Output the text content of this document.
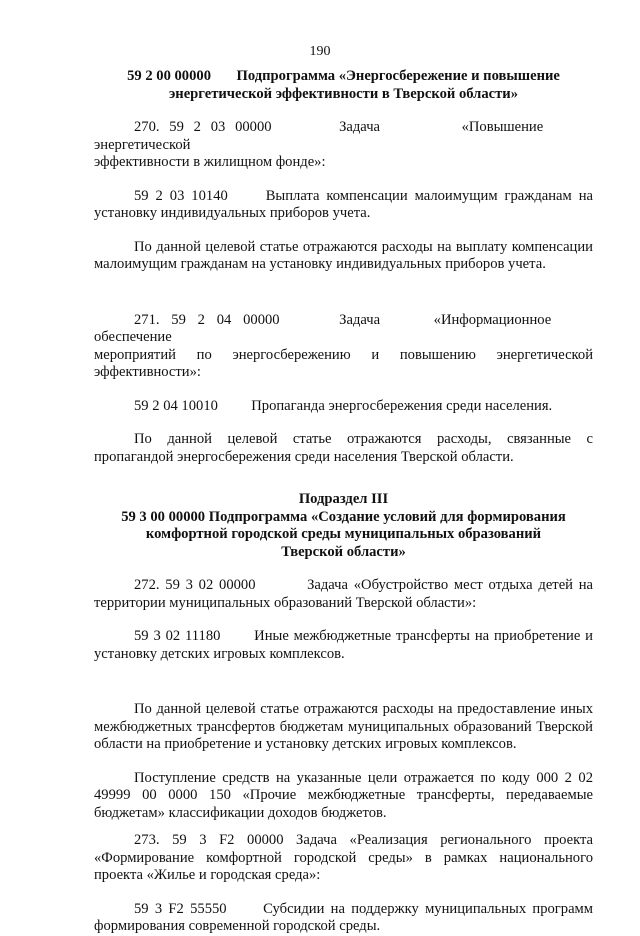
190

59 2 00 00000       Подпрограмма «Энергосбережение и повышение

энергетической эффективности в Тверской области»

270. 59 2 03 00000	Задача	«Повышение  энергетической

эффективности в жилищном фонде»:

59 2 03 10140	Выплата компенсации малоимущим гражданам на

установку индивидуальных приборов учета.

По данной целевой статье отражаются расходы на выплату компенсации малоимущим гражданам на установку индивидуальных приборов учета.

271. 59 2 04 00000	Задача	«Информационное  обеспечение

мероприятий по энергосбережению и повышению энергетической

эффективности»:

59 2 04 10010 Пропаганда энергосбережения среди населения.

По данной целевой статье отражаются расходы, связанные с пропагандой энергосбережения среди населения Тверской области.

Подраздел III

59 3 00 00000 Подпрограмма «Создание условий для формирования

комфортной городской среды муниципальных образований

Тверской области»

272. 59 3 02 00000	Задача «Обустройство мест отдыха детей на

территории муниципальных образований Тверской области»:

59 3 02 11180 Иные межбюджетные трансферты на приобретение и

установку детских игровых комплексов.

По данной целевой статье отражаются расходы на предоставление иных межбюджетных трансфертов бюджетам муниципальных образований Тверской области на приобретение и установку детских игровых комплексов.

Поступление средств на указанные цели отражается по коду 000 2 02 49999 00 0000 150 «Прочие межбюджетные трансферты, передаваемые бюджетам» классификации доходов бюджетов.

273. 59 3 F2 00000 Задача «Реализация регионального проекта «Формирование комфортной городской среды» в рамках национального проекта «Жилье и городская среда»:

59 3 F2 55550	Субсидии на поддержку муниципальных программ

формирования современной городской среды.
